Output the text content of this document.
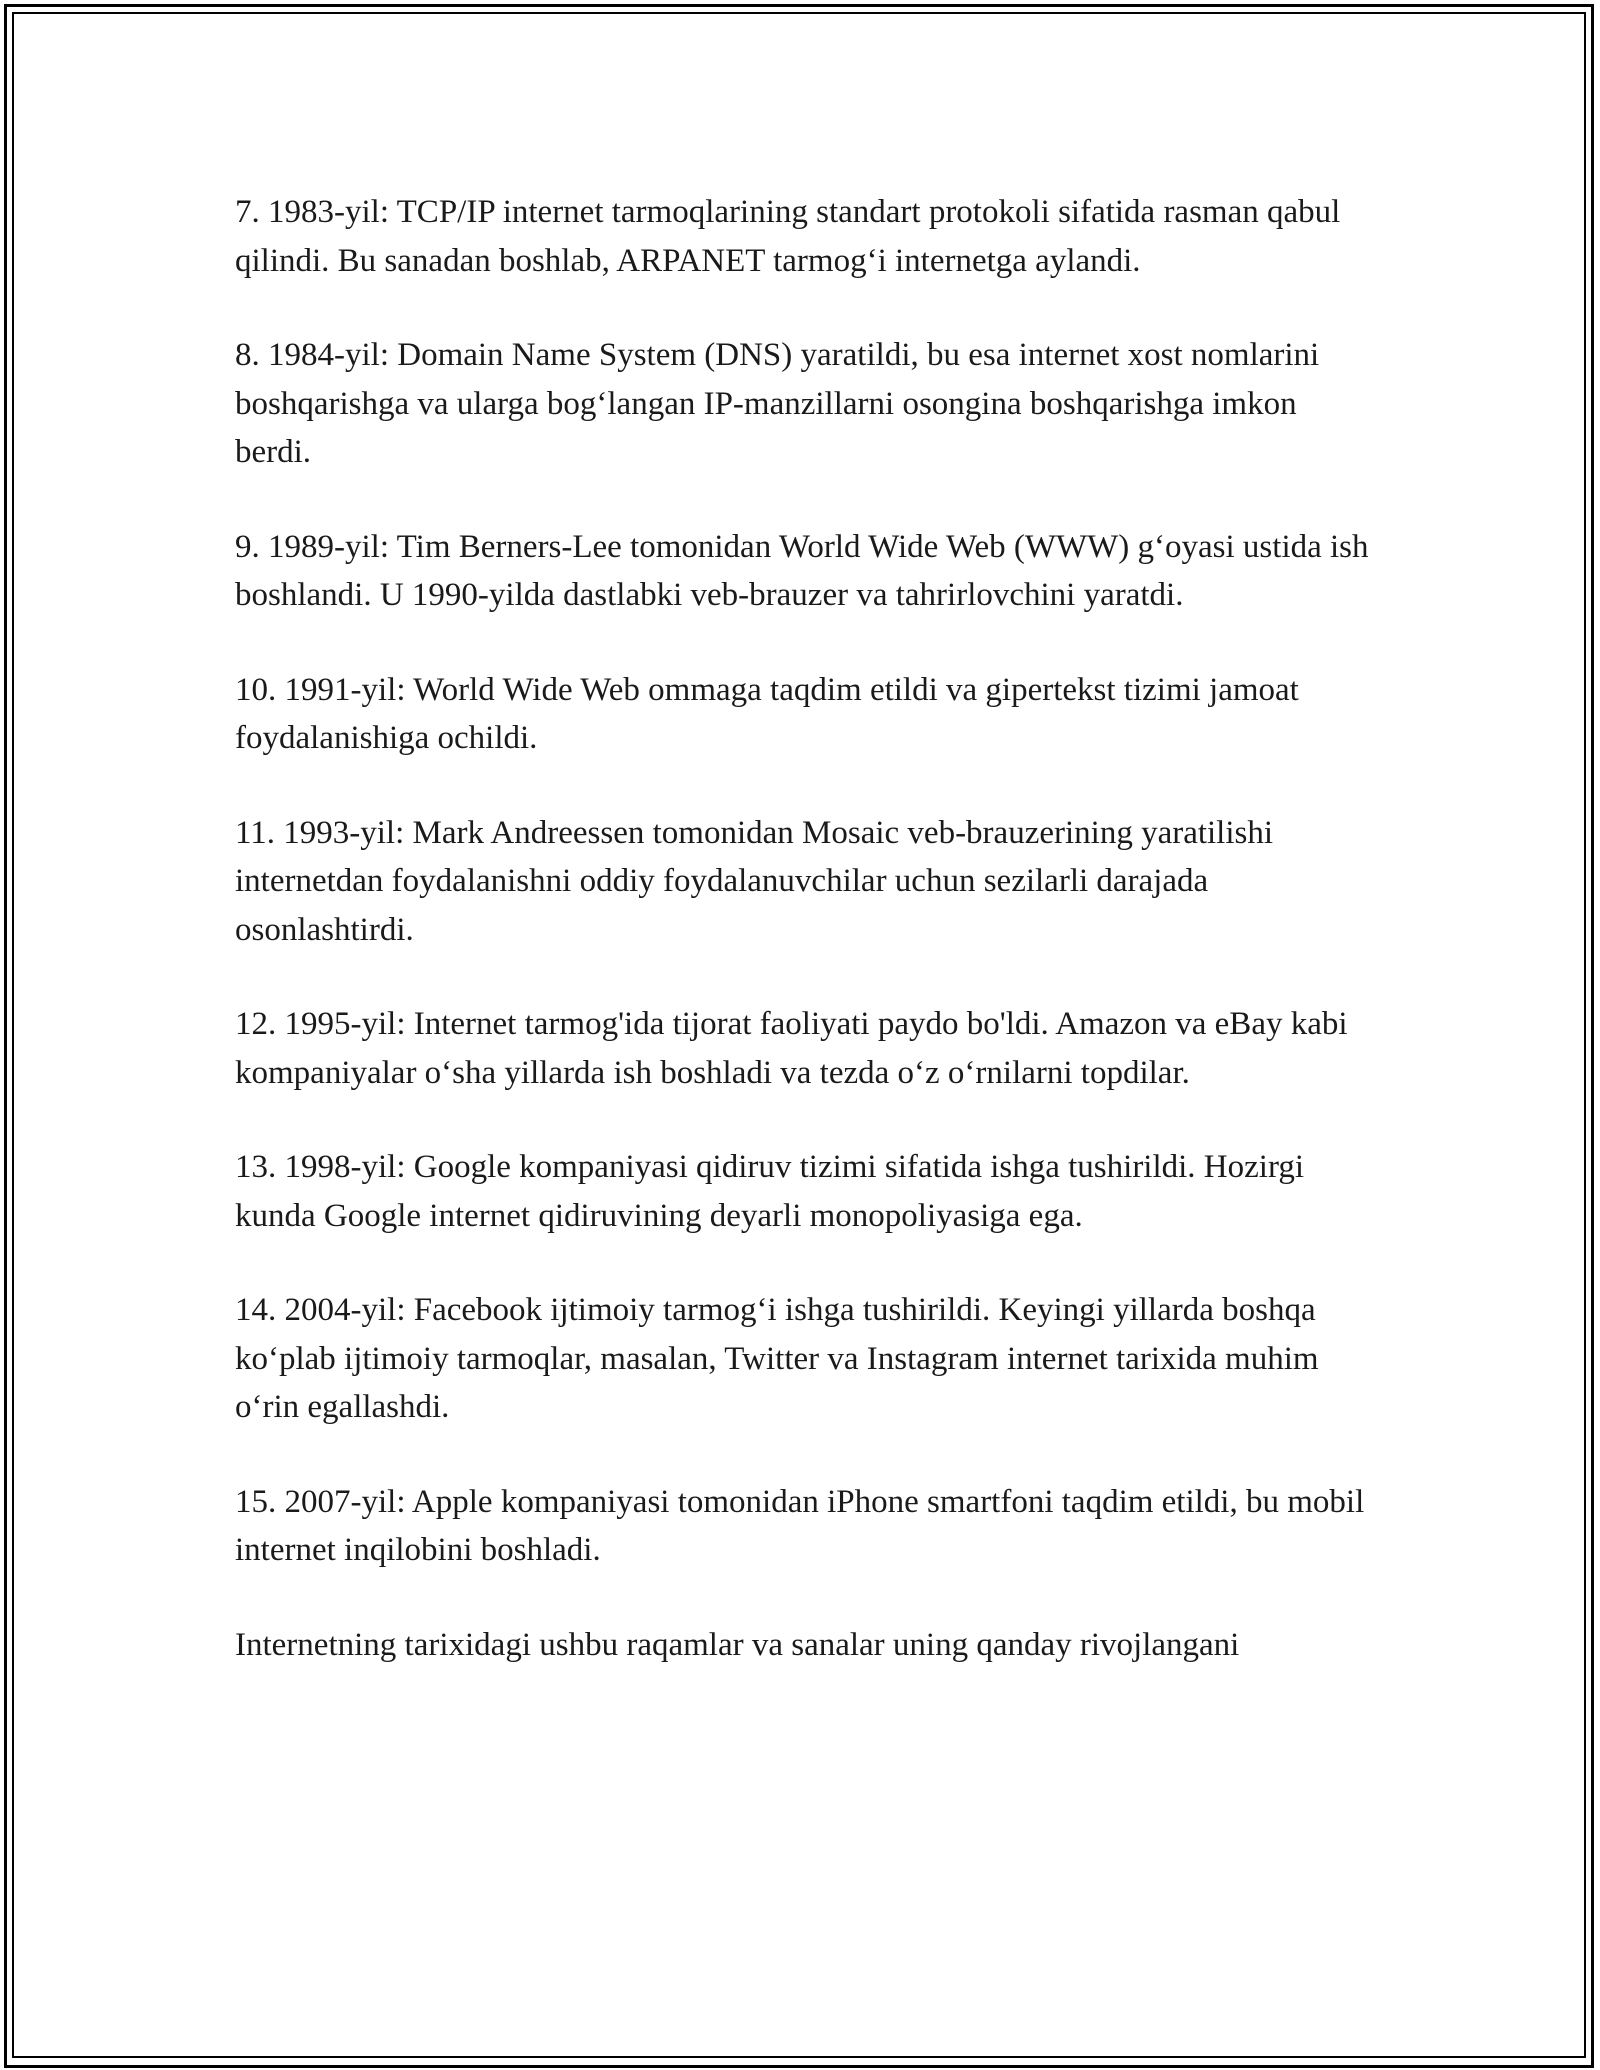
7. 1983-yil: TCP/IP internet tarmoqlarining standart protokoli sifatida rasman qabul qilindi. Bu sanadan boshlab, ARPANET tarmog‘i internetga aylandi.

8. 1984-yil: Domain Name System (DNS) yaratildi, bu esa internet xost nomlarini boshqarishga va ularga bog‘langan IP-manzillarni osongina boshqarishga imkon berdi.

9. 1989-yil: Tim Berners-Lee tomonidan World Wide Web (WWW) g‘oyasi ustida ish boshlandi. U 1990-yilda dastlabki veb-brauzer va tahrirlovchini yaratdi.

10. 1991-yil: World Wide Web ommaga taqdim etildi va gipertekst tizimi jamoat foydalanishiga ochildi.

11. 1993-yil: Mark Andreessen tomonidan Mosaic veb-brauzerining yaratilishi internetdan foydalanishni oddiy foydalanuvchilar uchun sezilarli darajada osonlashtirdi.

12. 1995-yil: Internet tarmog'ida tijorat faoliyati paydo bo'ldi. Amazon va eBay kabi kompaniyalar o‘sha yillarda ish boshladi va tezda o‘z o‘rnilarni topdilar.

13. 1998-yil: Google kompaniyasi qidiruv tizimi sifatida ishga tushirildi. Hozirgi kunda Google internet qidiruvining deyarli monopoliyasiga ega.

14. 2004-yil: Facebook ijtimoiy tarmog‘i ishga tushirildi. Keyingi yillarda boshqa ko‘plab ijtimoiy tarmoqlar, masalan, Twitter va Instagram internet tarixida muhim o‘rin egallashdi.

15. 2007-yil: Apple kompaniyasi tomonidan iPhone smartfoni taqdim etildi, bu mobil internet inqilobini boshladi.

Internetning tarixidagi ushbu raqamlar va sanalar uning qanday rivojlangani
